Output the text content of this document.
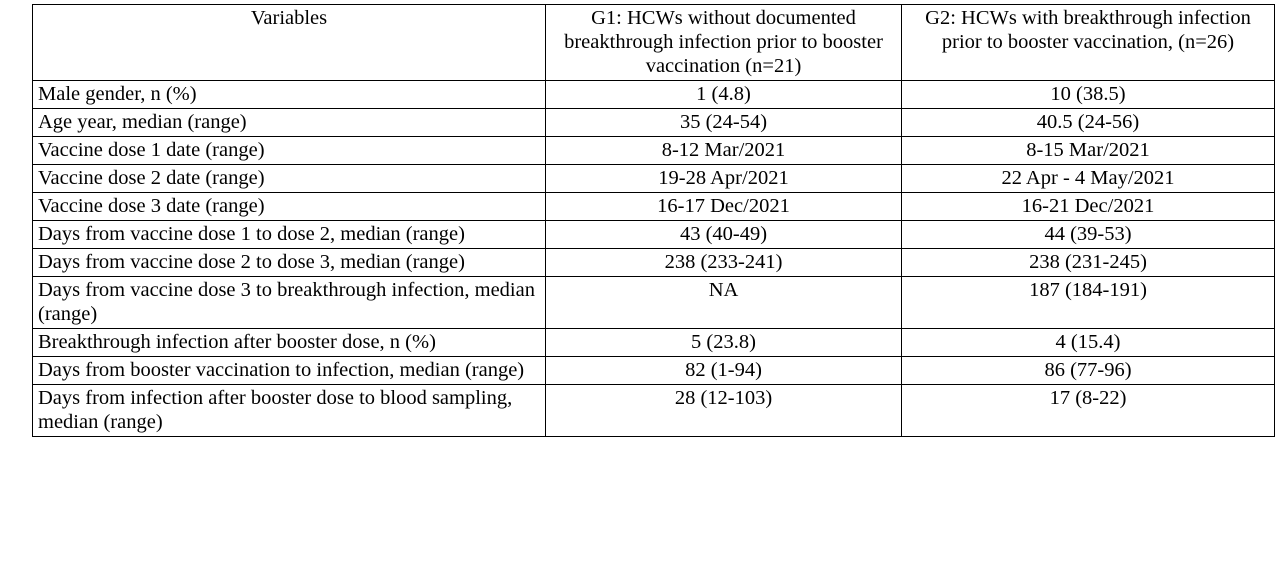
Variables	G1: HCWs without documented breakthrough infection prior to booster vaccination (n=21)	G2: HCWs with breakthrough infection prior to booster vaccination, (n=26)
Male gender, n (%)	1 (4.8)	10 (38.5)
Age year, median (range)	35 (24-54)	40.5 (24-56)
Vaccine dose 1 date (range)	8-12 Mar/2021	8-15 Mar/2021
Vaccine dose 2 date (range)	19-28 Apr/2021	22 Apr - 4 May/2021
Vaccine dose 3 date (range)	16-17 Dec/2021	16-21 Dec/2021
Days from vaccine dose 1 to dose 2, median (range)	43 (40-49)	44 (39-53)
Days from vaccine dose 2 to dose 3, median (range)	238 (233-241)	238 (231-245)
Days from vaccine dose 3 to breakthrough infection, median (range)	NA	187 (184-191)
Breakthrough infection after booster dose, n (%)	5 (23.8)	4 (15.4)
Days from booster vaccination to infection, median (range)	82 (1-94)	86 (77-96)
Days from infection after booster dose to blood sampling, median (range)	28 (12-103)	17 (8-22)
